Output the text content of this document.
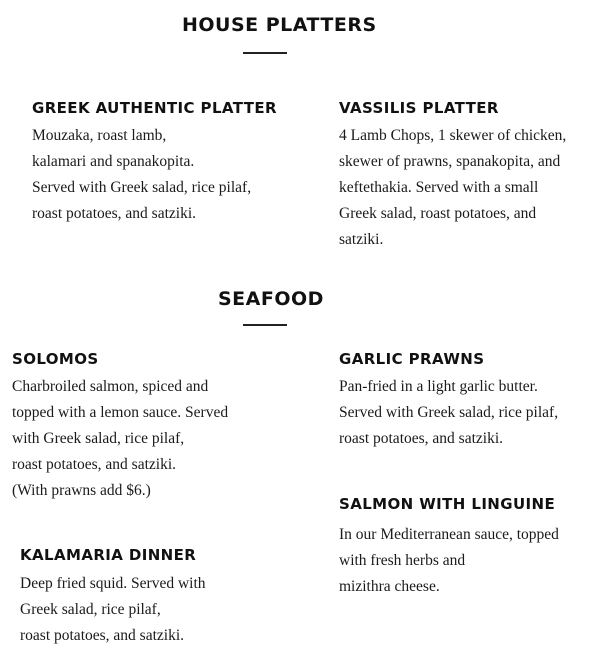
HOUSE PLATTERS
GREEK AUTHENTIC PLATTER
Mouzaka, roast lamb,
kalamari and spanakopita.
Served with Greek salad, rice pilaf,
roast potatoes, and satziki.
VASSILIS PLATTER
4 Lamb Chops, 1 skewer of chicken,
skewer of prawns, spanakopita, and
keftethakia. Served with a small
Greek salad, roast potatoes, and
satziki.
SEAFOOD
SOLOMOS
Charbroiled salmon, spiced and
topped with a lemon sauce. Served
with Greek salad, rice pilaf,
roast potatoes, and satziki.
(With prawns add $6.)
GARLIC PRAWNS
Pan-fried in a light garlic butter.
Served with Greek salad, rice pilaf,
roast potatoes, and satziki.
SALMON WITH LINGUINE
In our Mediterranean sauce, topped
with fresh herbs and
mizithra cheese.
KALAMARIA DINNER
Deep fried squid. Served with
Greek salad, rice pilaf,
roast potatoes, and satziki.
